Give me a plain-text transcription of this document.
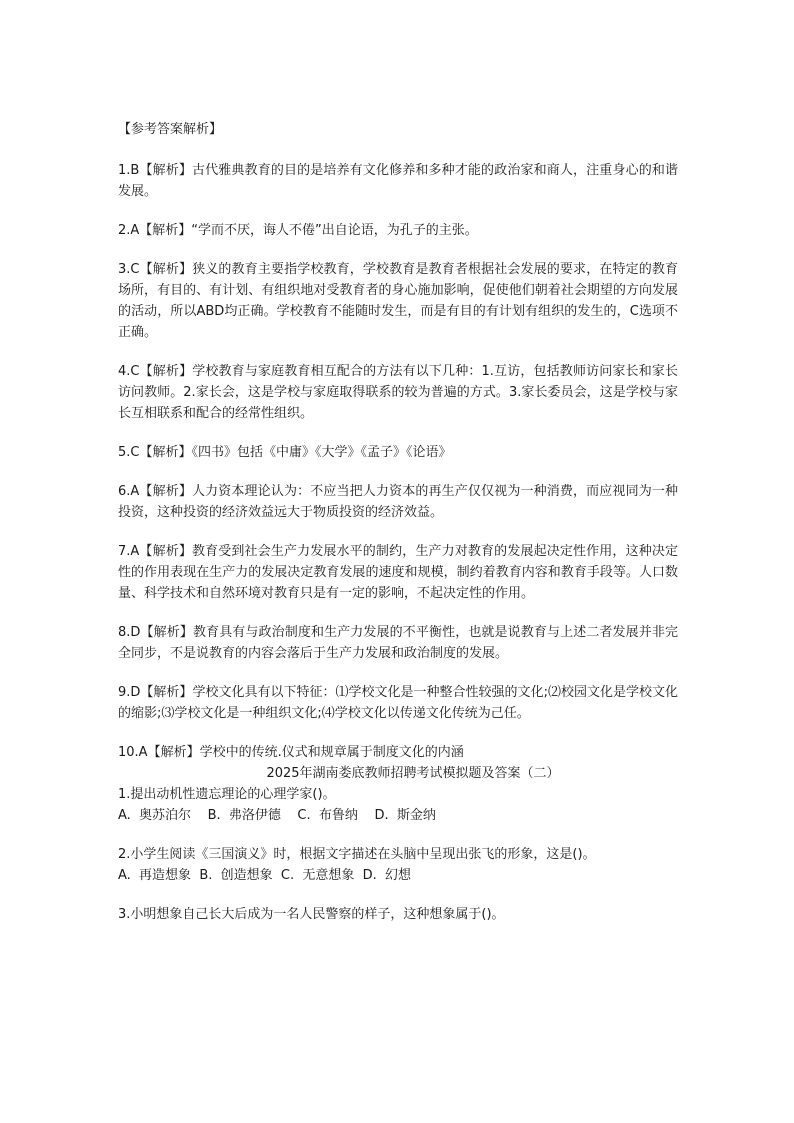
【参考答案解析】

1.B【解析】古代雅典教育的目的是培养有文化修养和多种才能的政治家和商人，注重身心的和谐发展。

2.A【解析】“学而不厌，诲人不倦”出自论语，为孔子的主张。

3.C【解析】狭义的教育主要指学校教育，学校教育是教育者根据社会发展的要求，在特定的教育场所，有目的、有计划、有组织地对受教育者的身心施加影响，促使他们朝着社会期望的方向发展的活动，所以ABD均正确。学校教育不能随时发生，而是有目的有计划有组织的发生的，C选项不正确。

4.C【解析】学校教育与家庭教育相互配合的方法有以下几种：1.互访，包括教师访问家长和家长访问教师。2.家长会，这是学校与家庭取得联系的较为普遍的方式。3.家长委员会，这是学校与家长互相联系和配合的经常性组织。

5.C【解析】《四书》包括《中庸》《大学》《孟子》《论语》

6.A【解析】人力资本理论认为：不应当把人力资本的再生产仅仅视为一种消费，而应视同为一种投资，这种投资的经济效益远大于物质投资的经济效益。

7.A【解析】教育受到社会生产力发展水平的制约，生产力对教育的发展起决定性作用，这种决定性的作用表现在生产力的发展决定教育发展的速度和规模，制约着教育内容和教育手段等。人口数量、科学技术和自然环境对教育只是有一定的影响，不起决定性的作用。

8.D【解析】教育具有与政治制度和生产力发展的不平衡性，也就是说教育与上述二者发展并非完全同步，不是说教育的内容会落后于生产力发展和政治制度的发展。

9.D【解析】学校文化具有以下特征：⑴学校文化是一种整合性较强的文化;⑵校园文化是学校文化的缩影;⑶学校文化是一种组织文化;⑷学校文化以传递文化传统为己任。

10.A【解析】学校中的传统.仪式和规章属于制度文化的内涵

2025年湖南娄底教师招聘考试模拟题及答案（二）

1.提出动机性遗忘理论的心理学家()。

A.  奥苏泊尔    B.  弗洛伊德    C.  布鲁纳    D.  斯金纳

2.小学生阅读《三国演义》时，根据文字描述在头脑中呈现出张飞的形象，这是()。

A.  再造想象  B.  创造想象  C.  无意想象  D.  幻想

3.小明想象自己长大后成为一名人民警察的样子，这种想象属于()。
